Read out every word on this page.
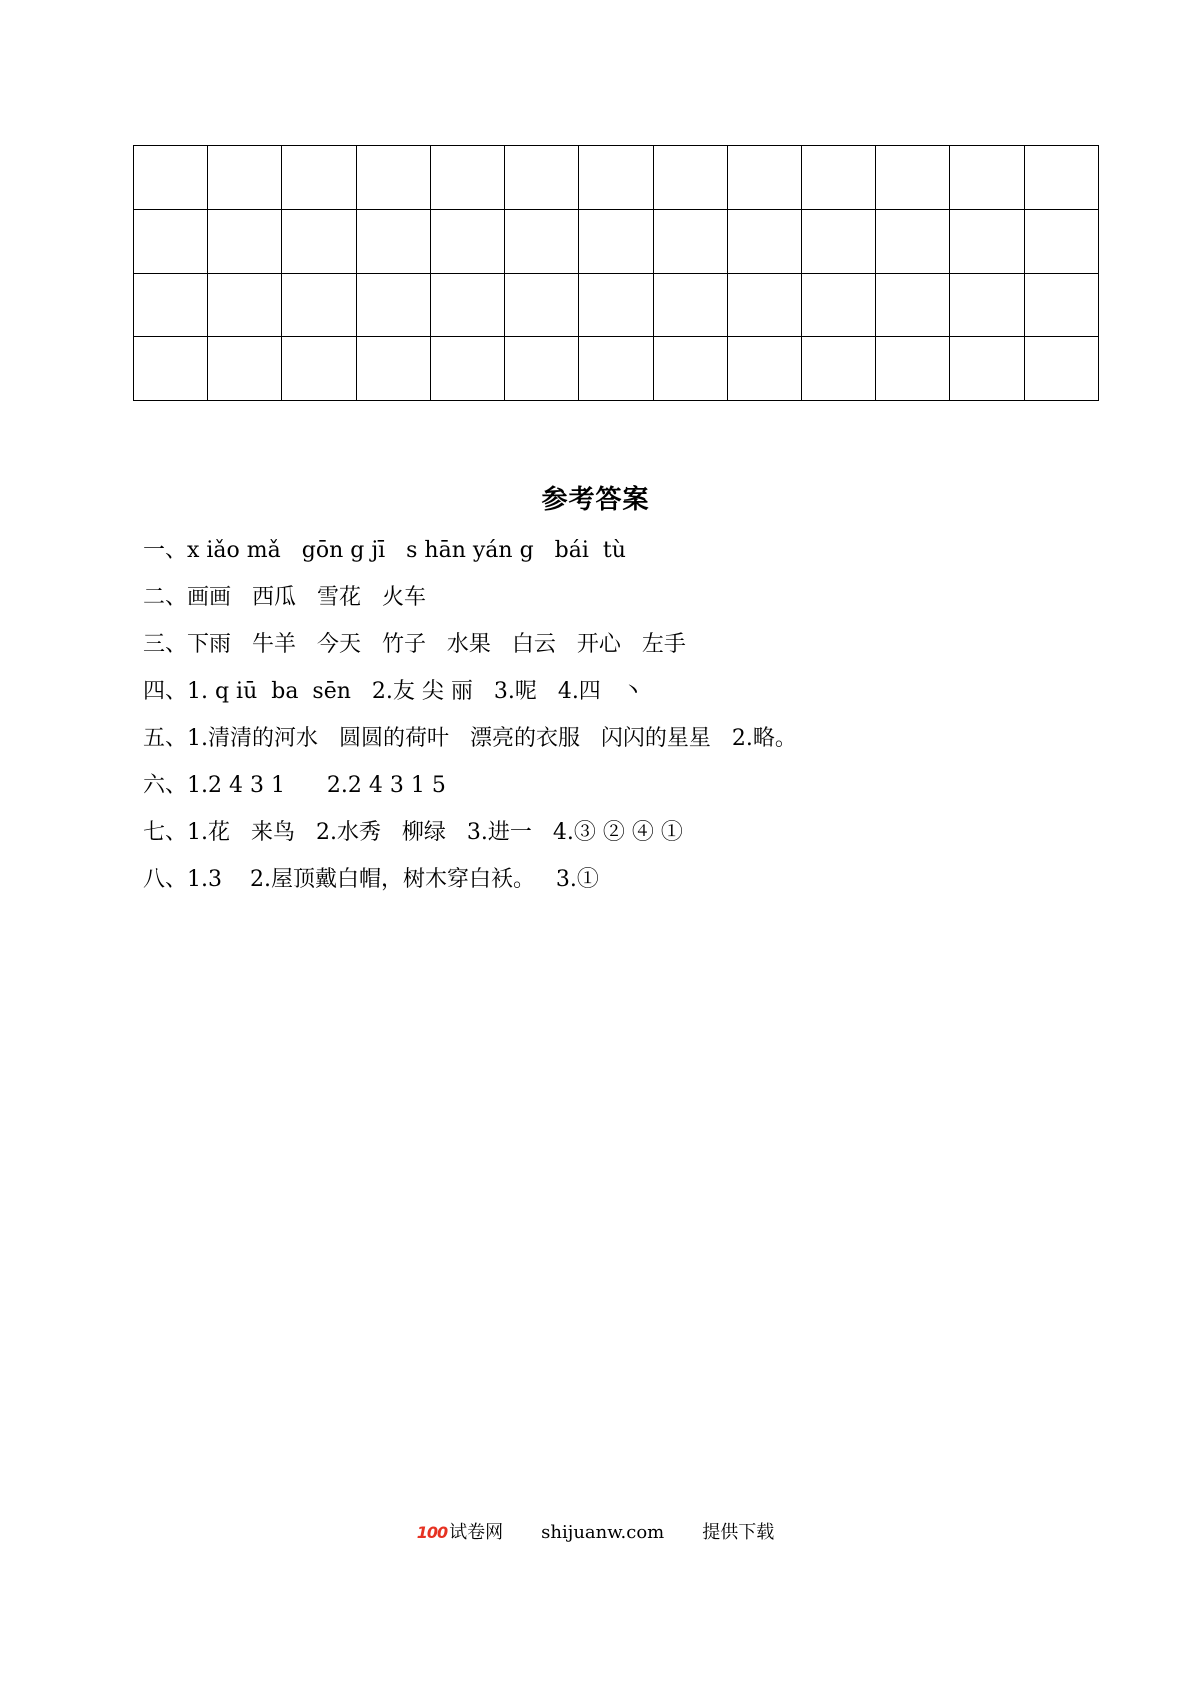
参考答案
一、x iǎo mǎ   gōn g jī   s hān yán g   bái  tù
二、画画   西瓜   雪花   火车
三、下雨   牛羊   今天   竹子   水果   白云   开心   左手
四、1. q iū  ba  sēn   2.友 尖 丽   3.呢   4.四   丶
五、1.清清的河水   圆圆的荷叶   漂亮的衣服   闪闪的星星   2.略。
六、1.2 4 3 1      2.2 4 3 1 5
七、1.花   来鸟   2.水秀   柳绿   3.进一   4.③ ② ④ ①
八、1.3    2.屋顶戴白帽，树木穿白袄。   3.①
100 试卷网 shijuanw.com 提供下载
